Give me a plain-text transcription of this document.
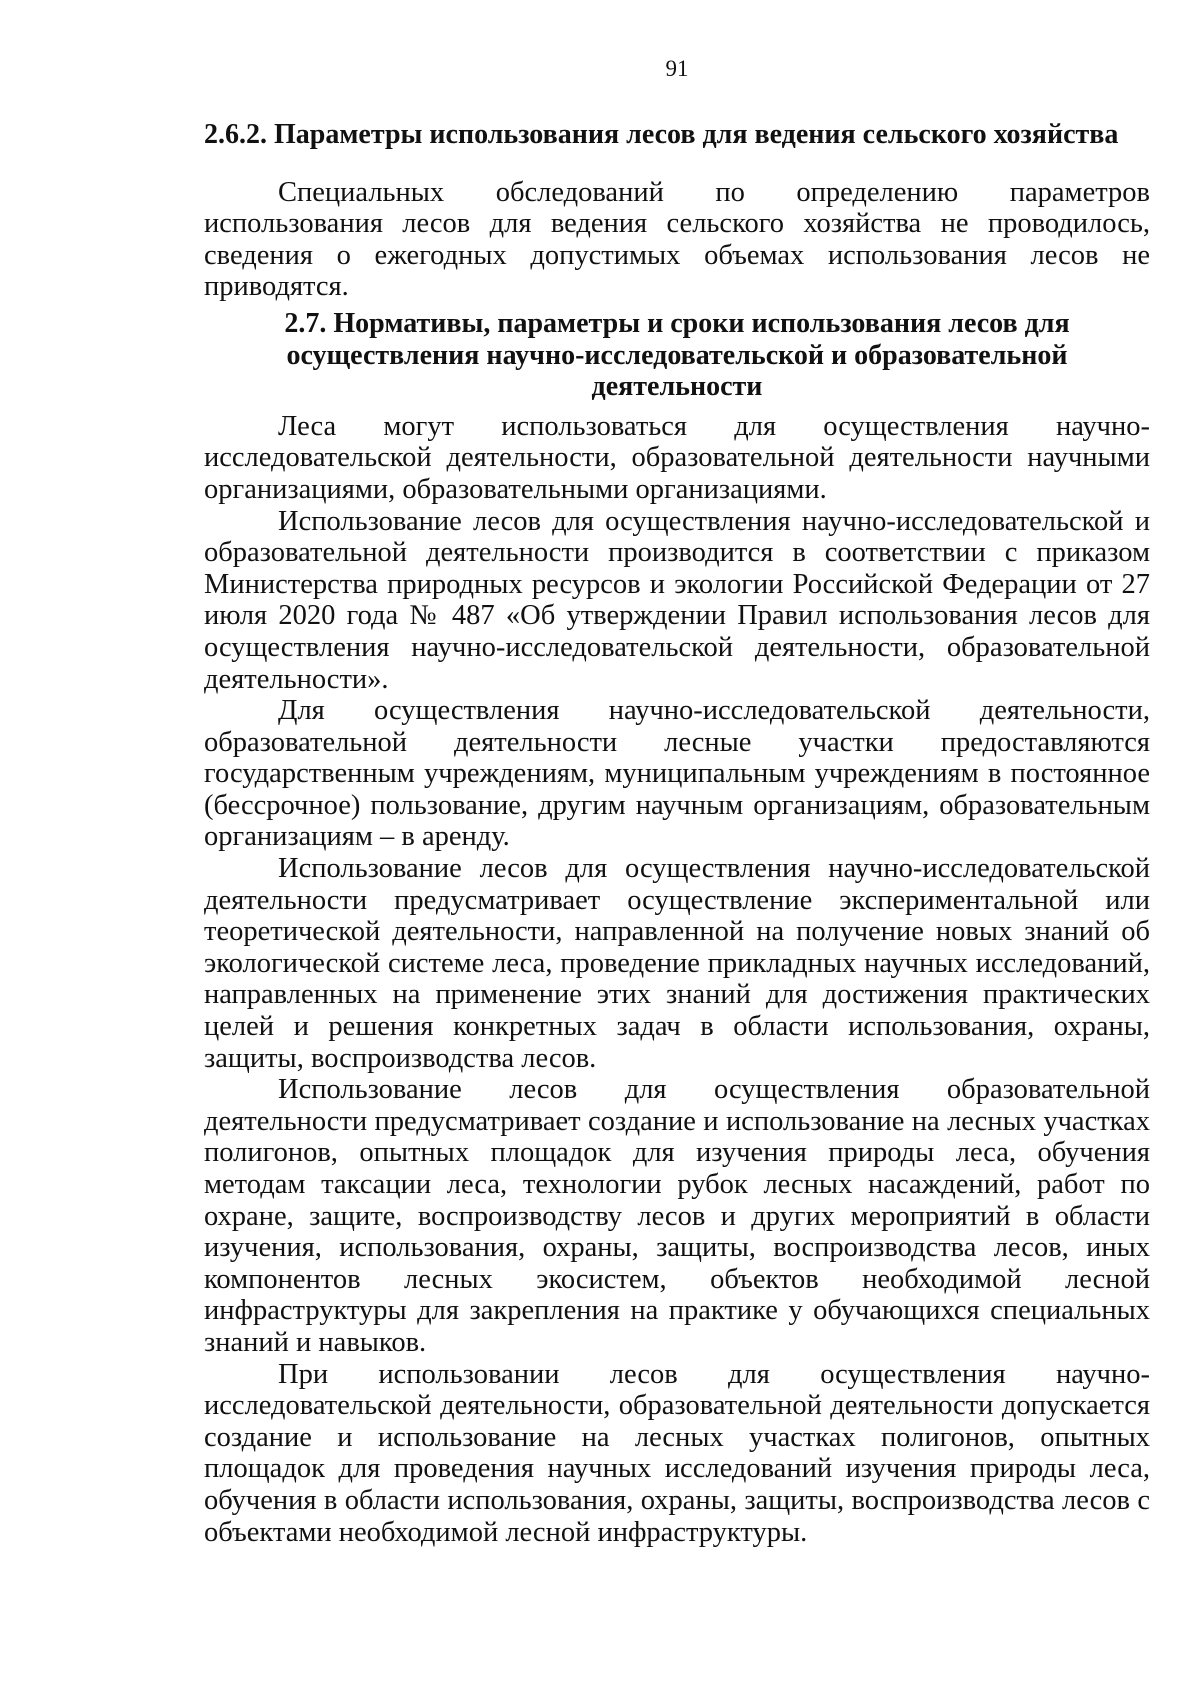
91
2.6.2. Параметры использования лесов для ведения сельского хозяйства

Специальных обследований по определению параметров использования лесов для ведения сельского хозяйства не проводилось, сведения о ежегодных допустимых объемах использования лесов не приводятся.

2.7. Нормативы, параметры и сроки использования лесов для
осуществления научно-исследовательской и образовательной
деятельности

Леса могут использоваться для осуществления научно-исследовательской деятельности, образовательной деятельности научными организациями, образовательными организациями.

Использование лесов для осуществления научно-исследовательской и образовательной деятельности производится в соответствии с приказом Министерства природных ресурсов и экологии Российской Федерации от 27 июля 2020 года № 487 «Об утверждении Правил использования лесов для осуществления научно-исследовательской деятельности, образовательной деятельности».

Для осуществления научно-исследовательской деятельности, образовательной деятельности лесные участки предоставляются государственным учреждениям, муниципальным учреждениям в постоянное (бессрочное) пользование, другим научным организациям, образовательным организациям – в аренду.

Использование лесов для осуществления научно-исследовательской деятельности предусматривает осуществление экспериментальной или теоретической деятельности, направленной на получение новых знаний об экологической системе леса, проведение прикладных научных исследований, направленных на применение этих знаний для достижения практических целей и решения конкретных задач в области использования, охраны, защиты, воспроизводства лесов.

Использование лесов для осуществления образовательной деятельности предусматривает создание и использование на лесных участках полигонов, опытных площадок для изучения природы леса, обучения методам таксации леса, технологии рубок лесных насаждений, работ по охране, защите, воспроизводству лесов и других мероприятий в области изучения, использования, охраны, защиты, воспроизводства лесов, иных компонентов лесных экосистем, объектов необходимой лесной инфраструктуры для закрепления на практике у обучающихся специальных знаний и навыков.

При использовании лесов для осуществления научно-исследовательской деятельности, образовательной деятельности допускается создание и использование на лесных участках полигонов, опытных площадок для проведения научных исследований изучения природы леса, обучения в области использования, охраны, защиты, воспроизводства лесов с объектами необходимой лесной инфраструктуры.
